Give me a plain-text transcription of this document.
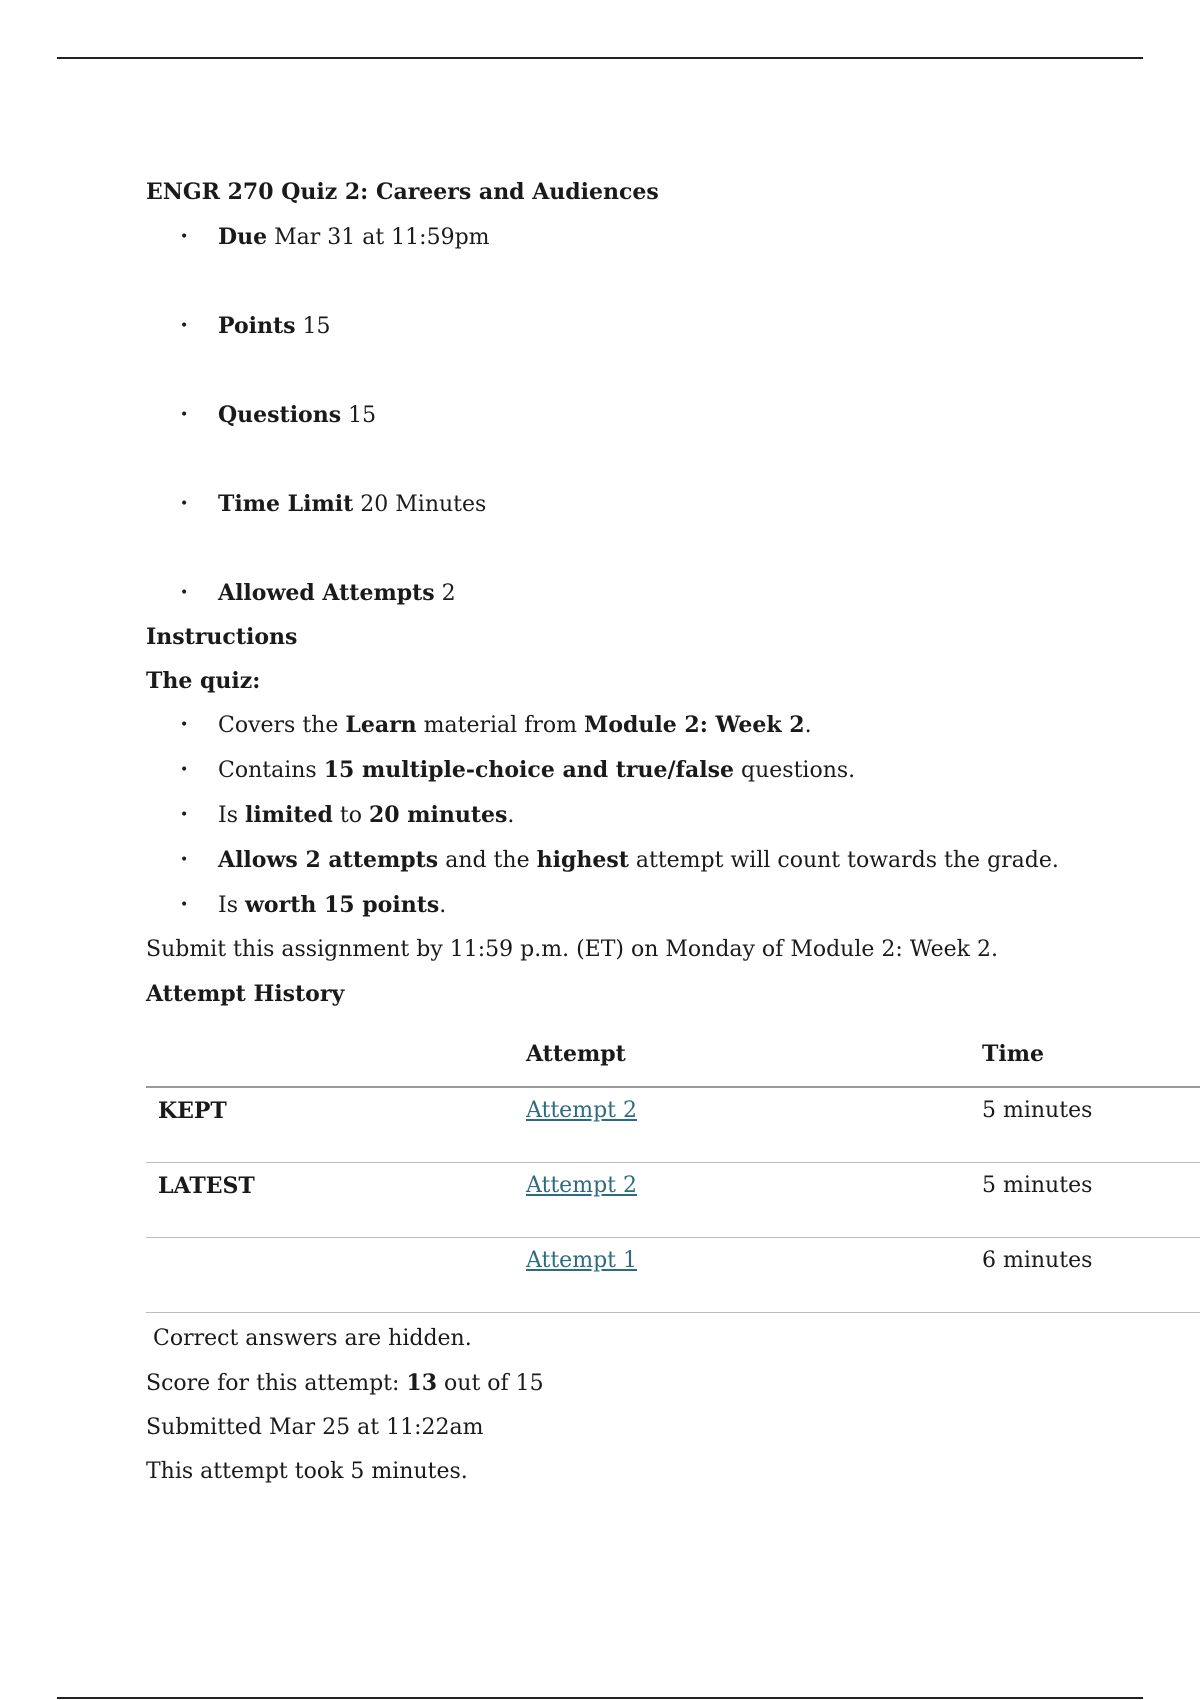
ENGR 270 Quiz 2: Careers and Audiences

• Due Mar 31 at 11:59pm
• Points 15
• Questions 15
• Time Limit 20 Minutes
• Allowed Attempts 2

Instructions

The quiz:

• Covers the Learn material from Module 2: Week 2.
• Contains 15 multiple-choice and true/false questions.
• Is limited to 20 minutes.
• Allows 2 attempts and the highest attempt will count towards the grade.
• Is worth 15 points.

Submit this assignment by 11:59 p.m. (ET) on Monday of Module 2: Week 2.

Attempt History

	Attempt	Time
KEPT	Attempt 2	5 minutes
LATEST	Attempt 2	5 minutes
	Attempt 1	6 minutes

Correct answers are hidden.

Score for this attempt: 13 out of 15

Submitted Mar 25 at 11:22am

This attempt took 5 minutes.
